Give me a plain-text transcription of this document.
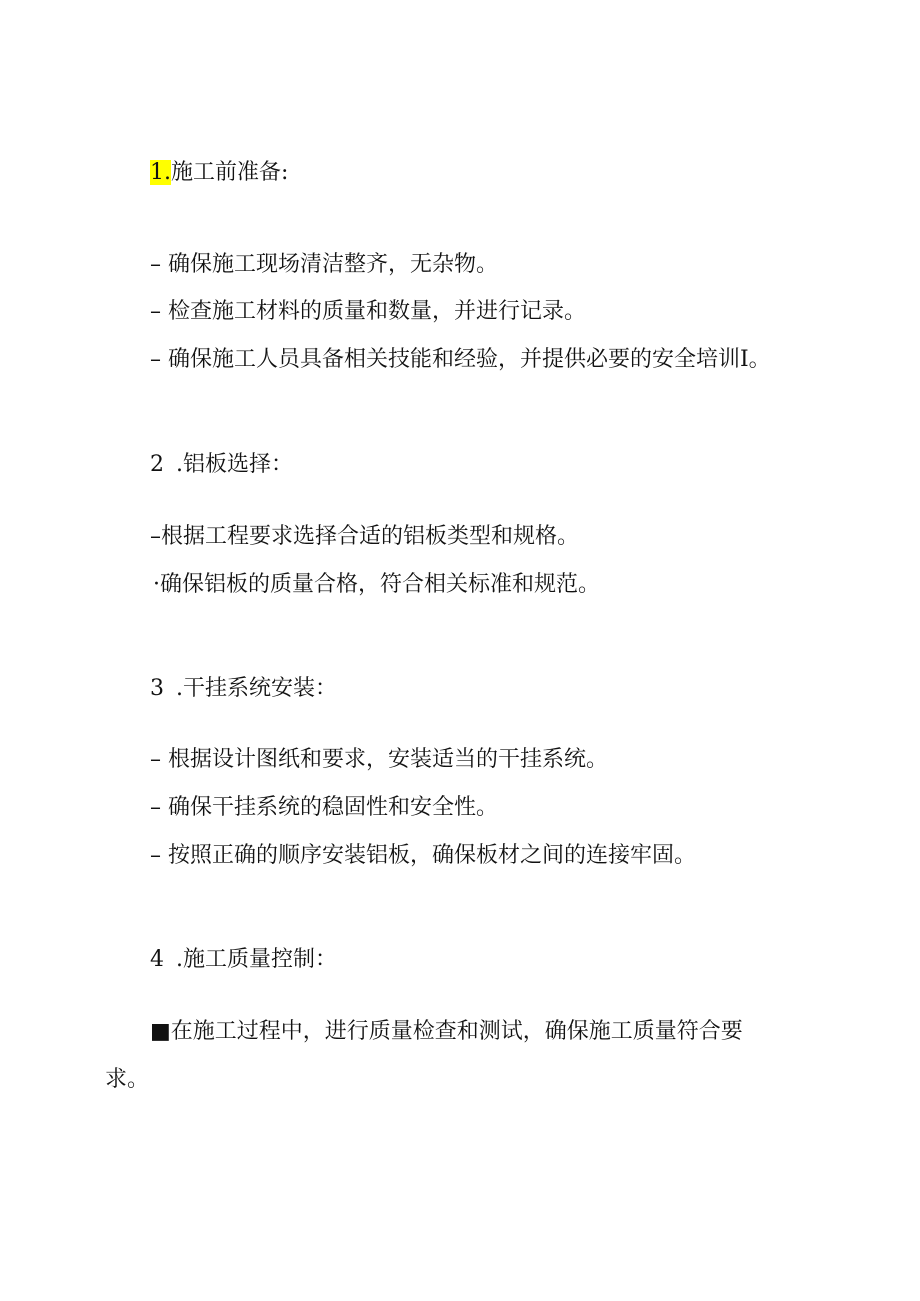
1.施工前准备:
– 确保施工现场清洁整齐，无杂物。
– 检查施工材料的质量和数量，并进行记录。
– 确保施工人员具备相关技能和经验，并提供必要的安全培训I。
2 .铝板选择：
–根据工程要求选择合适的铝板类型和规格。
·确保铝板的质量合格，符合相关标准和规范。
3 .干挂系统安装：
– 根据设计图纸和要求，安装适当的干挂系统。
– 确保干挂系统的稳固性和安全性。
– 按照正确的顺序安装铝板，确保板材之间的连接牢固。
4 .施工质量控制：
■在施工过程中，进行质量检查和测试，确保施工质量符合要
求。
